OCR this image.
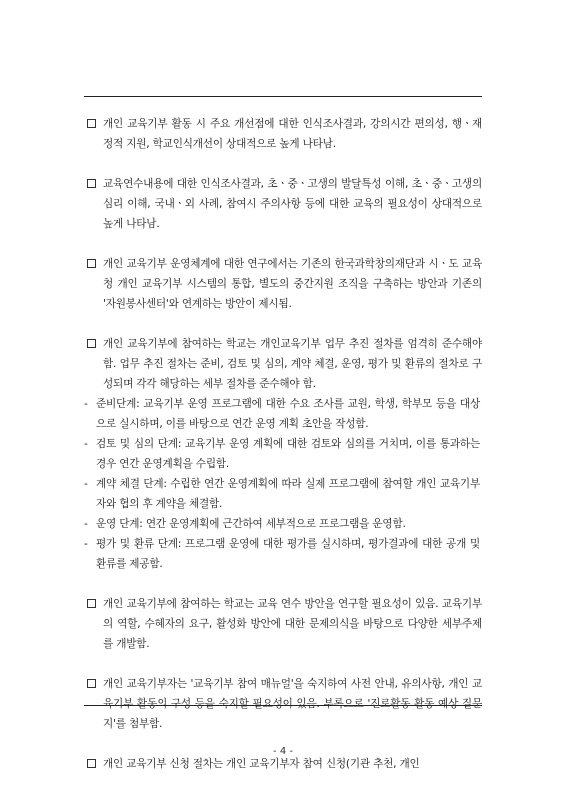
개인 교육기부 활동 시 주요 개선점에 대한 인식조사결과, 강의시간 편의성, 행ㆍ재정적 지원, 학교인식개선이 상대적으로 높게 나타남.

교육연수내용에 대한 인식조사결과, 초ㆍ중ㆍ고생의 발달특성 이해, 초ㆍ중ㆍ고생의 심리 이해, 국내ㆍ외 사례, 참여시 주의사항 등에 대한 교육의 필요성이 상대적으로 높게 나타남.

개인 교육기부 운영체계에 대한 연구에서는 기존의 한국과학창의재단과 시ㆍ도 교육청 개인 교육기부 시스템의 통합, 별도의 중간지원 조직을 구축하는 방안과 기존의 '자원봉사센터'와 연계하는 방안이 제시됨.

개인 교육기부에 참여하는 학교는 개인교육기부 업무 추진 절차를 엄격히 준수해야 함. 업무 추진 절차는 준비, 검토 및 심의, 계약 체결, 운영, 평가 및 환류의 절차로 구성되며 각각 해당하는 세부 절차를 준수해야 함.

- 준비단계: 교육기부 운영 프로그램에 대한 수요 조사를 교원, 학생, 학부모 등을 대상으로 실시하며, 이를 바탕으로 연간 운영 계획 초안을 작성함.

- 검토 및 심의 단계: 교육기부 운영 계획에 대한 검토와 심의를 거치며, 이를 통과하는 경우 연간 운영계획을 수립함.

- 계약 체결 단계: 수립한 연간 운영계획에 따라 실제 프로그램에 참여할 개인 교육기부자와 협의 후 계약을 체결함.

- 운영 단계: 연간 운영계획에 근간하여 세부적으로 프로그램을 운영함.

- 평가 및 환류 단계: 프로그램 운영에 대한 평가를 실시하며, 평가결과에 대한 공개 및 환류를 제공함.

개인 교육기부에 참여하는 학교는 교육 연수 방안을 연구할 필요성이 있음. 교육기부의 역할, 수혜자의 요구, 활성화 방안에 대한 문제의식을 바탕으로 다양한 세부주제를 개발함.

개인 교육기부자는 '교육기부 참여 매뉴얼'을 숙지하여 사전 안내, 유의사항, 개인 교육기부 활동의 구성 등을 숙지할 필요성이 있음. 부록으로 '진로활동 활동 예상 질문지'를 첨부함.

개인 교육기부 신청 절차는 개인 교육기부자 참여 신청(기관 추천, 개인

- 4 -
